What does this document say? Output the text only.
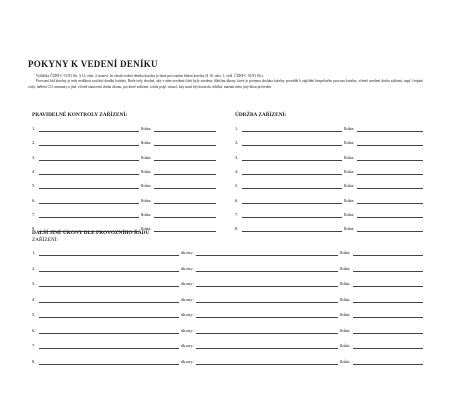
POKYNY K VEDENÍ DENÍKU

Vyhláška ČÚBP č. 91/93 Sb., § 13, odst. 2 stanoví, že obsah vedení deníku kotelny je dané provozním řádem kotelny (§ 10, odst. 1, vyhl. ČÚBP č. 91/93 Sb.).

Provozní řád kotelny je tedy nedílnou součástí deníku kotelny. Bude tedy vhodné, aby v něm uvedené části byly uvedeny dílečími úkony, které je povinna obsluha kotelny provádět k zajištění bezpečného provozu kotelny, včetně uvedení druhu zařízení, např. čerpání vody, měření CO, armatury a jiné, včetně stanovení druhu úkonu, pro které zařízení, a dále popř. situací, kdy musí být kontrola, údržba, mazání nebo jiný úkon proveden.

PRAVIDELNÉ KONTROLY ZAŘÍZENÍ:	ÚDRŽBA ZAŘÍZENÍ:
1.	lhůta:
2.	lhůta:
3.	lhůta:
4.	lhůta:
5.	lhůta:
6.	lhůta:
7.	lhůta:
8.	lhůta:
1.	lhůta:
2.	lhůta:
3.	lhůta:
4.	lhůta:
5.	lhůta:
6.	lhůta:
7.	lhůta:
8.	lhůta:
DALŠÍ JINÉ ÚKONY DLE PROVOZNÍHO ŘÁDU
ZAŘÍZENÍ:
1.	úkony:	lhůta:
2.	úkony:	lhůta:
3.	úkony:	lhůta:
4.	úkony:	lhůta:
5.	úkony:	lhůta:
6.	úkony:	lhůta:
7.	úkony:	lhůta:
8.	úkony:	lhůta:
